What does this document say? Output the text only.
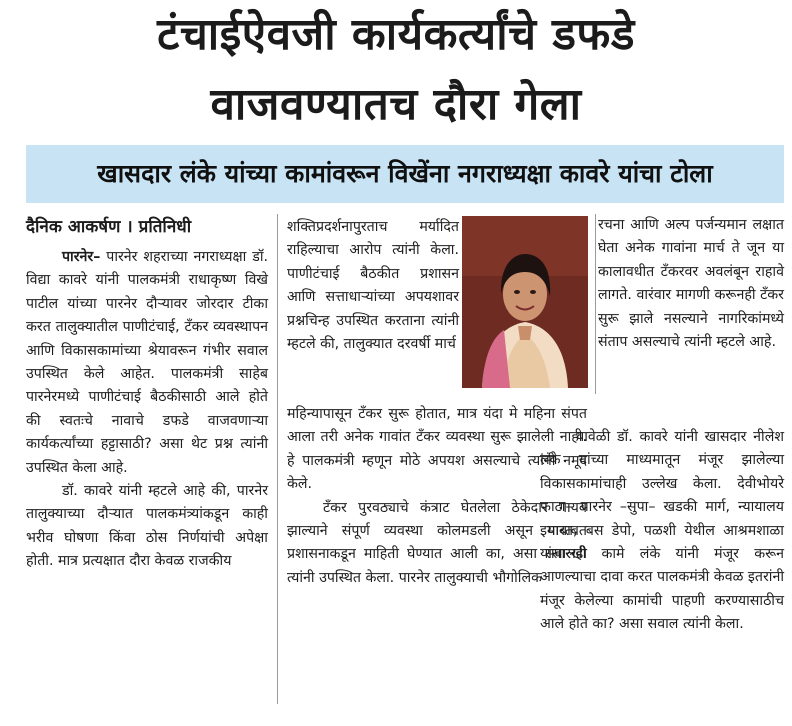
टंचाईऐवजी कार्यकर्त्यांचे डफडे
वाजवण्यातच दौरा गेला
खासदार लंके यांच्या कामांवरून विखेंना नगराध्यक्षा कावरे यांचा टोला
दैनिक आकर्षण । प्रतिनिधी

पारनेर– पारनेर शहराच्या नगराध्यक्षा डॉ. विद्या कावरे यांनी पालकमंत्री राधाकृष्ण विखे पाटील यांच्या पारनेर दौऱ्यावर जोरदार टीका करत तालुक्यातील पाणीटंचाई, टँकर व्यवस्थापन आणि विकासकामांच्या श्रेयावरून गंभीर सवाल उपस्थित केले आहेत. पालकमंत्री साहेब पारनेरमध्ये पाणीटंचाई बैठकीसाठी आले होते की स्वतःचे नावाचे डफडे वाजवणाऱ्या कार्यकर्त्यांच्या हट्टासाठी? असा थेट प्रश्न त्यांनी उपस्थित केला आहे.

डॉ. कावरे यांनी म्हटले आहे की, पारनेर तालुक्याच्या दौऱ्यात पालकमंत्र्यांकडून काही भरीव घोषणा किंवा ठोस निर्णयांची अपेक्षा होती. मात्र प्रत्यक्षात दौरा केवळ राजकीय

शक्तिप्रदर्शनापुरताच मर्यादित राहिल्याचा आरोप त्यांनी केला. पाणीटंचाई बैठकीत प्रशासन आणि सत्ताधाऱ्यांच्या अपयशावर प्रश्नचिन्ह उपस्थित करताना त्यांनी म्हटले की, तालुक्यात दरवर्षी मार्च

महिन्यापासून टँकर सुरू होतात, मात्र यंदा मे महिना संपत आला तरी अनेक गावांत टँकर व्यवस्था सुरू झालेली नाही. हे पालकमंत्री म्हणून मोठे अपयश असल्याचे त्यांनी नमूद केले.

टँकर पुरवठ्याचे कंत्राट घेतलेला ठेकेदार गायब झाल्याने संपूर्ण व्यवस्था कोलमडली असून याबाबत प्रशासनाकडून माहिती घेण्यात आली का, असा सवालही त्यांनी उपस्थित केला. पारनेर तालुक्याची भौगोलिक

रचना आणि अल्प पर्जन्यमान लक्षात घेता अनेक गावांना मार्च ते जून या कालावधीत टँकरवर अवलंबून राहावे लागते. वारंवार मागणी करूनही टँकर सुरू झाले नसल्याने नागरिकांमध्ये संताप असल्याचे त्यांनी म्हटले आहे.

यावेळी डॉ. कावरे यांनी खासदार नीलेश लंके यांच्या माध्यमातून मंजूर झालेल्या विकासकामांचाही उल्लेख केला. देवीभोयरे फाटा– पारनेर –सुपा– खडकी मार्ग, न्यायालय इमारत, बस डेपो, पळशी येथील आश्रमशाळा यांसारखी कामे लंके यांनी मंजूर करून आणल्याचा दावा करत पालकमंत्री केवळ इतरांनी मंजूर केलेल्या कामांची पाहणी करण्यासाठीच आले होते का? असा सवाल त्यांनी केला.
